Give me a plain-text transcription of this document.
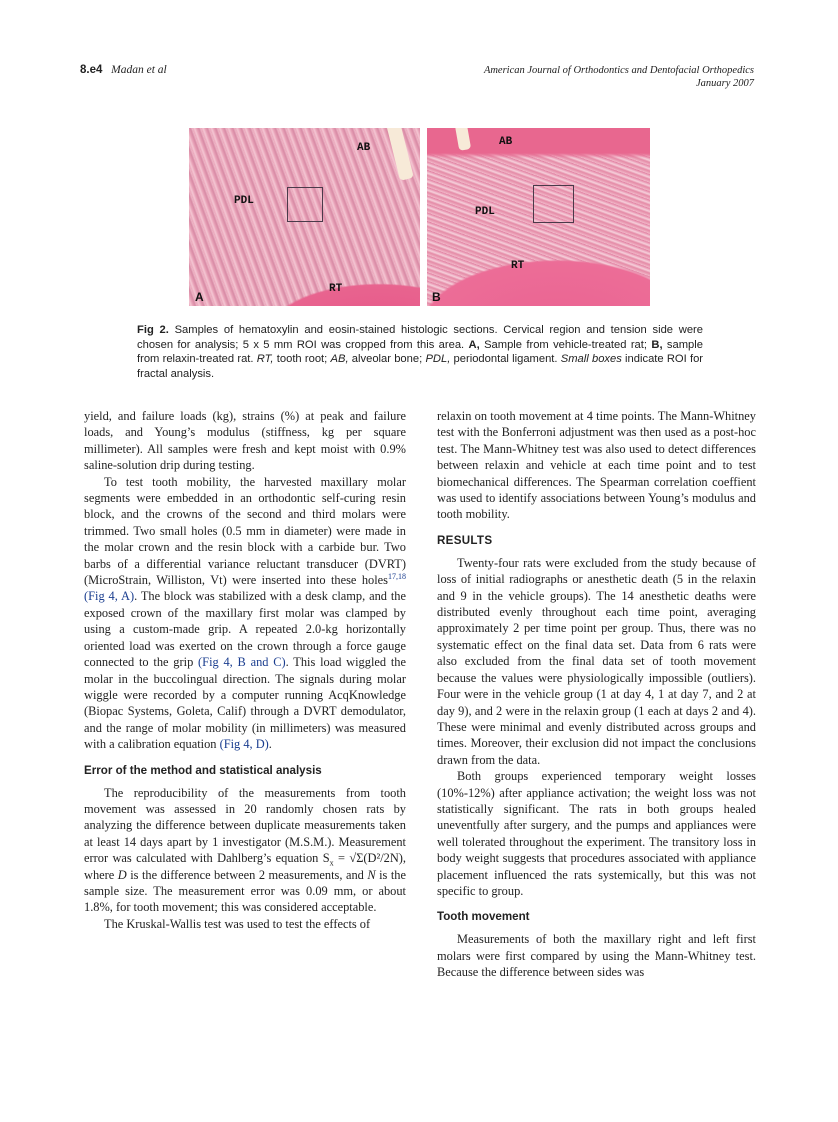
8.e4 Madan et al	American Journal of Orthodontics and Dentofacial Orthopedics
January 2007
AB
PDL
RT
A
AB
PDL
RT
B
Fig 2. Samples of hematoxylin and eosin-stained histologic sections. Cervical region and tension side were chosen for analysis; 5 x 5 mm ROI was cropped from this area. A, Sample from vehicle-treated rat; B, sample from relaxin-treated rat. RT, tooth root; AB, alveolar bone; PDL, periodontal ligament. Small boxes indicate ROI for fractal analysis.

yield, and failure loads (kg), strains (%) at peak and failure loads, and Young’s modulus (stiffness, kg per square millimeter). All samples were fresh and kept moist with 0.9% saline-solution drip during testing.

To test tooth mobility, the harvested maxillary molar segments were embedded in an orthodontic self-curing resin block, and the crowns of the second and third molars were trimmed. Two small holes (0.5 mm in diameter) were made in the molar crown and the resin block with a carbide bur. Two barbs of a differential variance reluctant transducer (DVRT) (MicroStrain, Williston, Vt) were inserted into these holes$^{17,18}$ (Fig 4, A). The block was stabilized with a desk clamp, and the exposed crown of the maxillary first molar was clamped by using a custom-made grip. A repeated 2.0-kg horizontally oriented load was exerted on the crown through a force gauge connected to the grip (Fig 4, B and C). This load wiggled the molar in the buccolingual direction. The signals during molar wiggle were recorded by a computer running AcqKnowledge (Biopac Systems, Goleta, Calif) through a DVRT demodulator, and the range of molar mobility (in millimeters) was measured with a calibration equation (Fig 4, D).

Error of the method and statistical analysis

The reproducibility of the measurements from tooth movement was assessed in 20 randomly chosen rats by analyzing the difference between duplicate measurements taken at least 14 days apart by 1 investigator (M.S.M.). Measurement error was calculated with Dahlberg’s equation $S_x = √\Sigma(D^2/2N)$, where D is the difference between 2 measurements, and N is the sample size. The measurement error was 0.09 mm, or about 1.8%, for tooth movement; this was considered acceptable.

The Kruskal-Wallis test was used to test the effects of

relaxin on tooth movement at 4 time points. The Mann-Whitney test with the Bonferroni adjustment was then used as a post-hoc test. The Mann-Whitney test was also used to detect differences between relaxin and vehicle at each time point and to test biomechanical differences. The Spearman correlation coeffient was used to identify associations between Young’s modulus and tooth mobility.

RESULTS

Twenty-four rats were excluded from the study because of loss of initial radiographs or anesthetic death (5 in the relaxin and 9 in the vehicle groups). The 14 anesthetic deaths were distributed evenly throughout each time point, averaging approximately 2 per time point per group. Thus, there was no systematic effect on the final data set. Data from 6 rats were also excluded from the final data set of tooth movement because the values were physiologically impossible (outliers). Four were in the vehicle group (1 at day 4, 1 at day 7, and 2 at day 9), and 2 were in the relaxin group (1 each at days 2 and 4). These were minimal and evenly distributed across groups and times. Moreover, their exclusion did not impact the conclusions drawn from the data.

Both groups experienced temporary weight losses (10%-12%) after appliance activation; the weight loss was not statistically significant. The rats in both groups healed uneventfully after surgery, and the pumps and appliances were well tolerated throughout the experiment. The transitory loss in body weight suggests that procedures associated with appliance placement influenced the rats systemically, but this was not specific to group.

Tooth movement

Measurements of both the maxillary right and left first molars were first compared by using the Mann-Whitney test. Because the difference between sides was
